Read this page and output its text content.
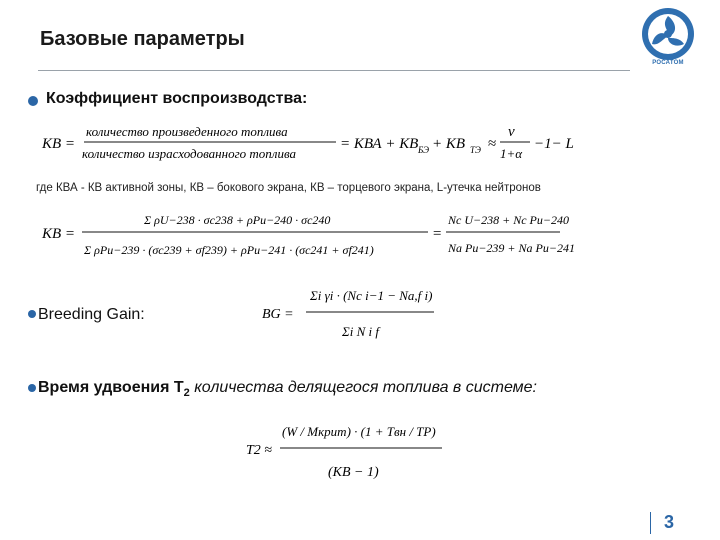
Базовые параметры
РОСАТОМ
Коэффициент воспроизводства:
КВ =
количество произведенного топлива
количество израсходованного топлива
= КВА + КВ БЭ + КВ ТЭ ≈
ν
1+α
−1− L
где КВА - КВ активной зоны, КВ – бокового экрана, КВ – торцевого экрана, L-утечка нейтронов
КВ =
Σ ρU−238 · σc238 + ρPu−240 · σc240
Σ ρPu−239 · (σc239 + σf239) + ρPu−241 · (σc241 + σf241)
=
Nc U−238 + Nc Pu−240
Na Pu−239 + Na Pu−241
Breeding Gain:	BG =
Σi γi · (Nc i−1 − Na,f i)
Σi N i f
Время удвоения $Т_2$ количества делящегося топлива в системе:
T2 ≈
(W / Mкрит) · (1 + Tвн / TP)
(КВ − 1)
3
